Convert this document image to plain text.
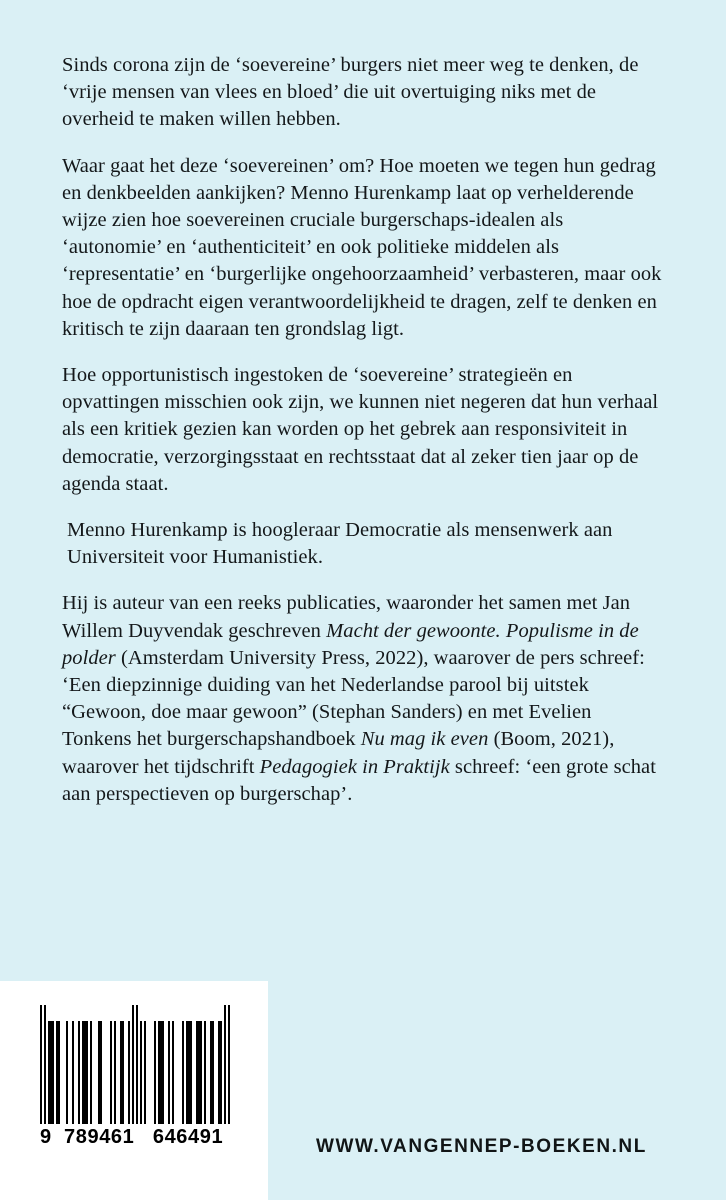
Sinds corona zijn de ‘soevereine’ burgers niet meer weg te denken, de ‘vrije mensen van vlees en bloed’ die uit overtuiging niks met de overheid te maken willen hebben.

Waar gaat het deze ‘soevereinen’ om? Hoe moeten we tegen hun gedrag en denkbeelden aankijken? Menno Hurenkamp laat op verhelderende wijze zien hoe soevereinen cruciale burgerschaps-idealen als ‘autonomie’ en ‘authenticiteit’ en ook politieke middelen als ‘representatie’ en ‘burgerlijke ongehoorzaamheid’ verbasteren, maar ook hoe de opdracht eigen verantwoordelijkheid te dragen, zelf te denken en kritisch te zijn daaraan ten grondslag ligt.

Hoe opportunistisch ingestoken de ‘soevereine’ strategieën en opvattingen misschien ook zijn, we kunnen niet negeren dat hun verhaal als een kritiek gezien kan worden op het gebrek aan responsiviteit in democratie, verzorgingsstaat en rechtsstaat dat al zeker tien jaar op de agenda staat.

Menno Hurenkamp is hoogleraar Democratie als mensenwerk aan Universiteit voor Humanistiek.

Hij is auteur van een reeks publicaties, waaronder het samen met Jan Willem Duyvendak geschreven Macht der gewoonte. Populisme in de polder (Amsterdam University Press, 2022), waarover de pers schreef: ‘Een diepzinnige duiding van het Nederlandse parool bij uitstek “Gewoon, doe maar gewoon” (Stephan Sanders) en met Evelien Tonkens het burgerschapshandboek Nu mag ik even (Boom, 2021), waarover het tijdschrift Pedagogiek in Praktijk schreef: ‘een grote schat aan perspectieven op burgerschap’.

9  789461   646491	WWW.VANGENNEP-BOEKEN.NL
